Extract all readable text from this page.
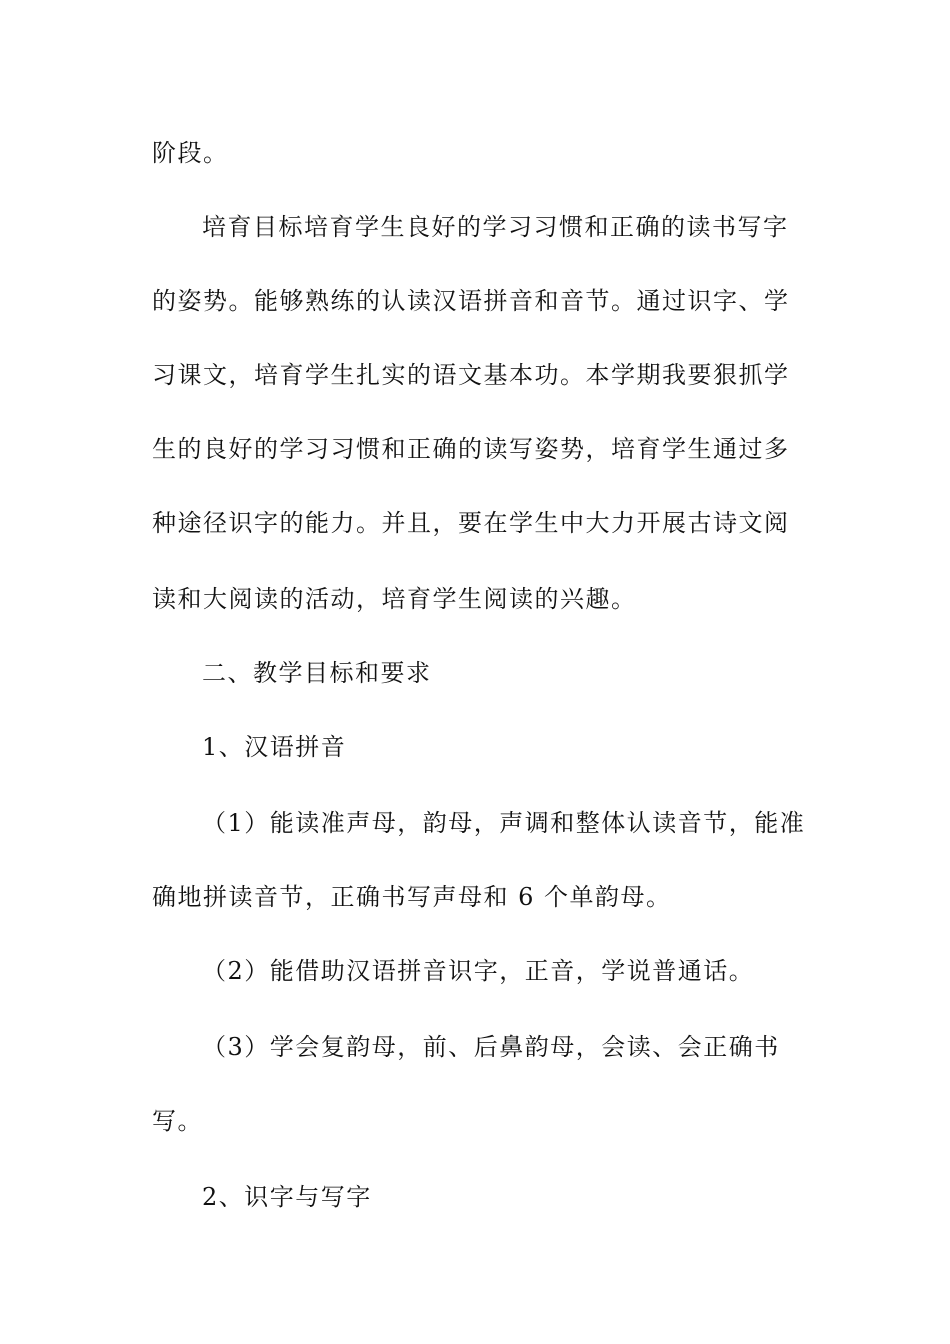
阶段。

培育目标培育学生良好的学习习惯和正确的读书写字

的姿势。能够熟练的认读汉语拼音和音节。通过识字、学

习课文，培育学生扎实的语文基本功。本学期我要狠抓学

生的良好的学习习惯和正确的读写姿势，培育学生通过多

种途径识字的能力。并且，要在学生中大力开展古诗文阅

读和大阅读的活动，培育学生阅读的兴趣。

二、教学目标和要求

1、汉语拼音

（1）能读准声母，韵母，声调和整体认读音节，能准

确地拼读音节，正确书写声母和 6 个单韵母。

（2）能借助汉语拼音识字，正音，学说普通话。

（3）学会复韵母，前、后鼻韵母，会读、会正确书

写。

2、识字与写字
